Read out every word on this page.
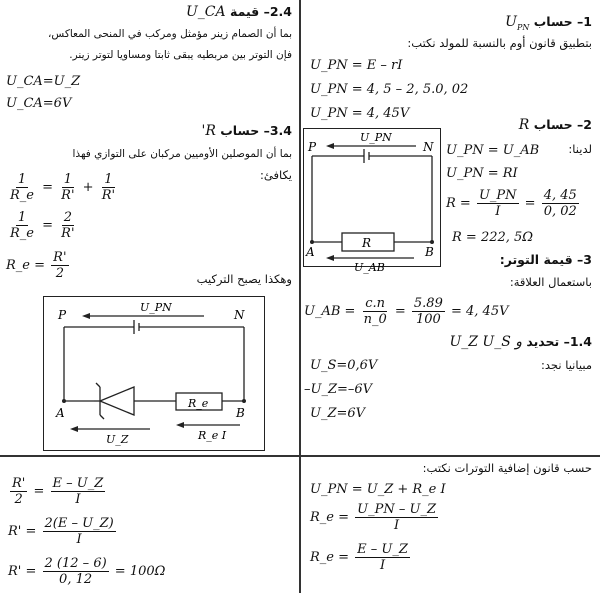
1– حساب $U_{PN}$
بتطبيق قانون أوم بالنسبة للمولد نكتب:
U_PN = E – rI
U_PN = 4, 5 – 2, 5.0, 02
U_PN = 4, 45V
2– حساب R
لدينا:
U_PN = U_AB
U_PN = RI
$R = \frac{U\_PN}{I} = \frac{4, 45}{0, 02}$
R = 222, 5Ω
P	N
A	B
R
U_PN
U_AB
3– قيمة التوتر:
باستعمال العلاقة:
U_AB = $\frac{c.n}{n\_0} = \frac{5.89}{100} = 4$, 45V
1.4– تحديد و U_Z U_S
مبيانيا نجد:
U_S=0,6V
–U_Z=–6V
U_Z=6V
2.4– قيمة U_CA
بما أن الصمام زينر مؤمثل ومركب في المنحى المعاكس،
فإن التوتر بين مربطيه يبقى ثابتا ومساويا لتوتر زينر.
U_CA=U_Z
U_CA=6V
3.4– حساب R'
بما أن الموصلين الأوميين مركبان على التوازي فهذا
يكافئ:
$\frac{1}{R\_e} = \frac{1}{R'} + \frac{1}{R'}$
$\frac{1}{R\_e} = \frac{2}{R'}$
R_e = $\frac{R'}{2}$	وهكذا يصبح التركيب
P	N
A	B
R_e
U_PN
U_Z	R_e I
حسب قانون إضافية التوترات نكتب:
U_PN = U_Z + R_e I
R_e = $\frac{U\_PN - U\_Z}{I}$
R_e = $\frac{E - U\_Z}{I}$
$\frac{R'}{2} = \frac{E - U\_Z}{I}$
$R' = \frac{2(E - U\_Z)}{I}$
$R' = \frac{2 (12 - 6)}{0, 12} = 100\Omega$
